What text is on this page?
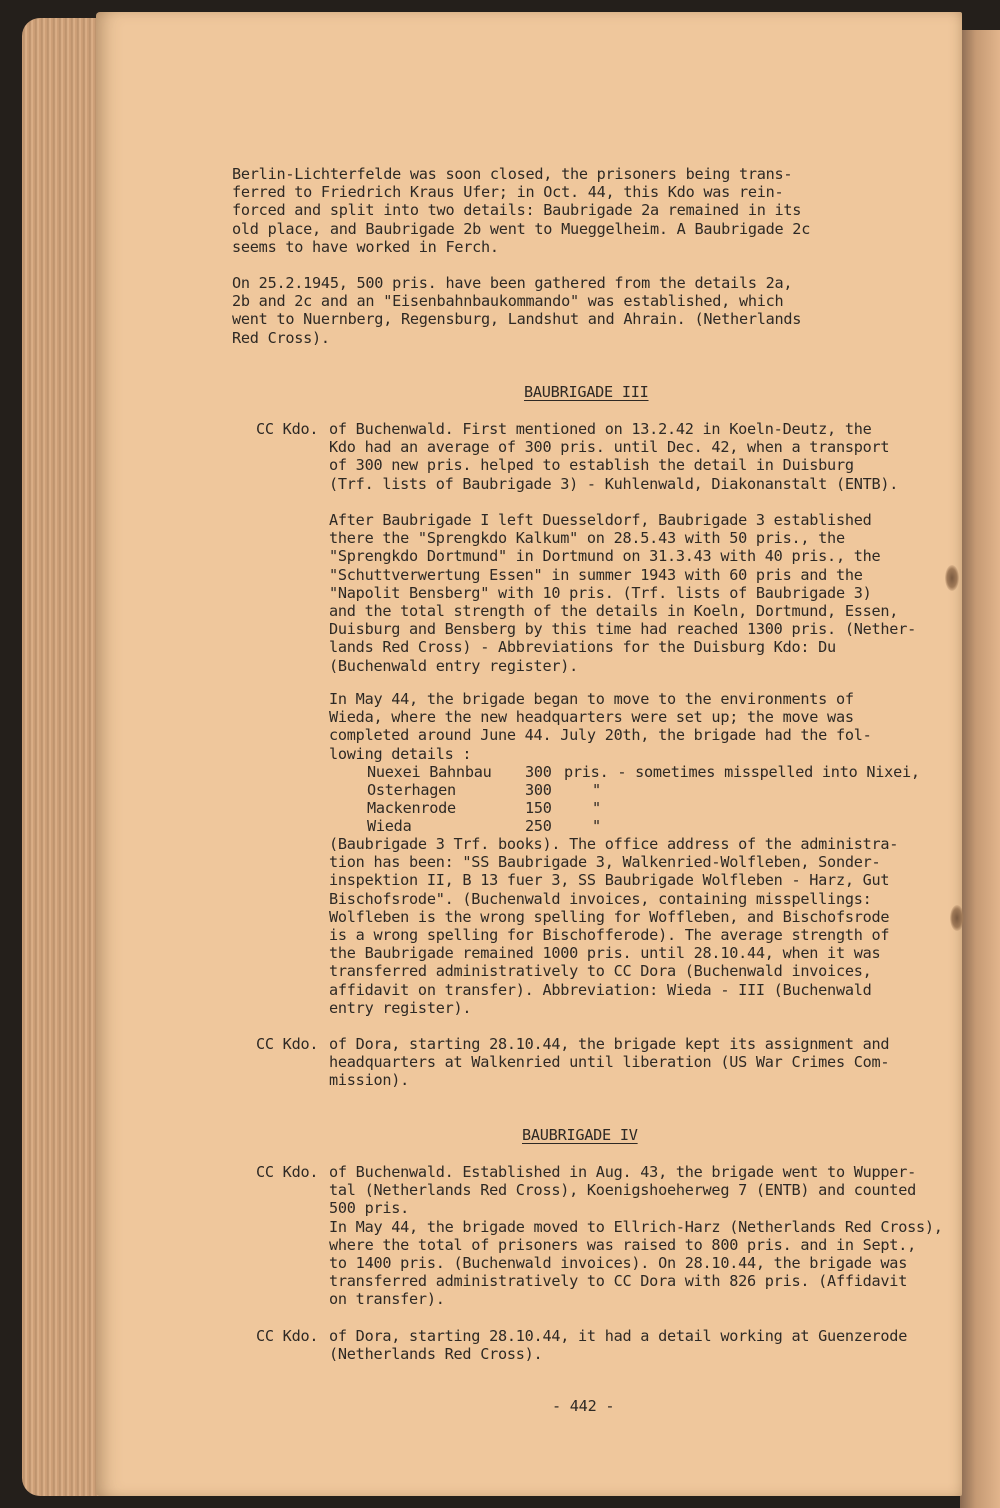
Berlin-Lichterfelde was soon closed, the prisoners being trans-
ferred to Friedrich Kraus Ufer; in Oct. 44, this Kdo was rein-
forced and split into two details: Baubrigade 2a remained in its
old place, and Baubrigade 2b went to Mueggelheim. A Baubrigade 2c
seems to have worked in Ferch.
On 25.2.1945, 500 pris. have been gathered from the details 2a,
2b and 2c and an "Eisenbahnbaukommando" was established, which
went to Nuernberg, Regensburg, Landshut and Ahrain. (Netherlands
Red Cross).
BAUBRIGADE III
CC Kdo. of Buchenwald. First mentioned on 13.2.42 in Koeln-Deutz, the
Kdo had an average of 300 pris. until Dec. 42, when a transport
of 300 new pris. helped to establish the detail in Duisburg
(Trf. lists of Baubrigade 3) - Kuhlenwald, Diakonanstalt (ENTB).
After Baubrigade I left Duesseldorf, Baubrigade 3 established
there the "Sprengkdo Kalkum" on 28.5.43 with 50 pris., the
"Sprengkdo Dortmund" in Dortmund on 31.3.43 with 40 pris., the
"Schuttverwertung Essen" in summer 1943 with 60 pris and the
"Napolit Bensberg" with 10 pris. (Trf. lists of Baubrigade 3)
and the total strength of the details in Koeln, Dortmund, Essen,
Duisburg and Bensberg by this time had reached 1300 pris. (Nether-
lands Red Cross) - Abbreviations for the Duisburg Kdo: Du
(Buchenwald entry register).
In May 44, the brigade began to move to the environments of
Wieda, where the new headquarters were set up; the move was
completed around June 44. July 20th, the brigade had the fol-
lowing details :
Nuexei Bahnbau 300 pris. - sometimes misspelled into Nixei,
Osterhagen	300	"
Mackenrode	150	"
Wieda	250	"
(Baubrigade 3 Trf. books). The office address of the administra-
tion has been: "SS Baubrigade 3, Walkenried-Wolfleben, Sonder-
inspektion II, B 13 fuer 3, SS Baubrigade Wolfleben - Harz, Gut
Bischofsrode". (Buchenwald invoices, containing misspellings:
Wolfleben is the wrong spelling for Woffleben, and Bischofsrode
is a wrong spelling for Bischofferode). The average strength of
the Baubrigade remained 1000 pris. until 28.10.44, when it was
transferred administratively to CC Dora (Buchenwald invoices,
affidavit on transfer). Abbreviation: Wieda - III (Buchenwald
entry register).
CC Kdo. of Dora, starting 28.10.44, the brigade kept its assignment and
headquarters at Walkenried until liberation (US War Crimes Com-
mission).
BAUBRIGADE IV
CC Kdo. of Buchenwald. Established in Aug. 43, the brigade went to Wupper-
tal (Netherlands Red Cross), Koenigshoeherweg 7 (ENTB) and counted
500 pris.
In May 44, the brigade moved to Ellrich-Harz (Netherlands Red Cross),
where the total of prisoners was raised to 800 pris. and in Sept.,
to 1400 pris. (Buchenwald invoices). On 28.10.44, the brigade was
transferred administratively to CC Dora with 826 pris. (Affidavit
on transfer).
CC Kdo. of Dora, starting 28.10.44, it had a detail working at Guenzerode
(Netherlands Red Cross).
- 442 -
